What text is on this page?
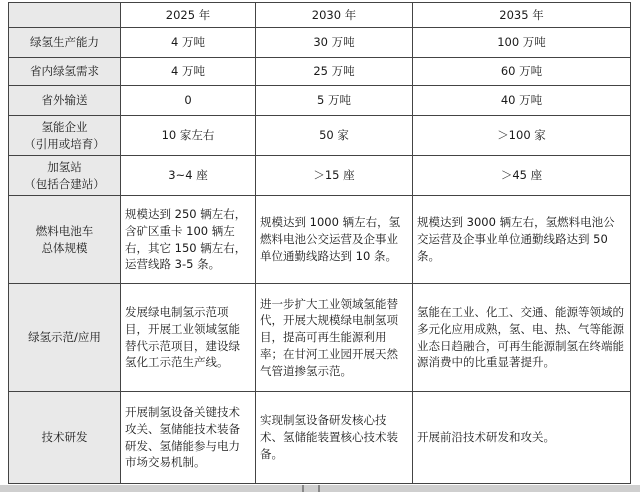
	2025 年	2030 年	2035 年
绿氢生产能力	4 万吨	30 万吨	100 万吨
省内绿氢需求	4 万吨	25 万吨	60 万吨
省外输送	0	5 万吨	40 万吨

氢能企业
（引用或培育）	10 家左右	50 家	＞100 家

加氢站
（包括合建站）	3~4 座	＞15 座	＞45 座

燃料电池车
总体规模	规模达到 250 辆左右，含矿区重卡 100 辆左右，其它 150 辆左右，运营线路 3-5 条。	规模达到 1000 辆左右，氢燃料电池公交运营及企事业单位通勤线路达到 10 条。	规模达到 3000 辆左右，氢燃料电池公交运营及企事业单位通勤线路达到 50 条。
绿氢示范/应用	发展绿电制氢示范项目，开展工业领域氢能替代示范项目，建设绿氢化工示范生产线。	进一步扩大工业领域氢能替代，开展大规模绿电制氢项目，提高可再生能源利用率；在甘河工业园开展天然气管道掺氢示范。	氢能在工业、化工、交通、能源等领域的多元化应用成熟，氢、电、热、气等能源业态日趋融合，可再生能源制氢在终端能源消费中的比重显著提升。
技术研发	开展制氢设备关键技术攻关、氢储能技术装备研发、氢储能参与电力市场交易机制。	实现制氢设备研发核心技术、氢储能装置核心技术装备。	开展前沿技术研发和攻关。
